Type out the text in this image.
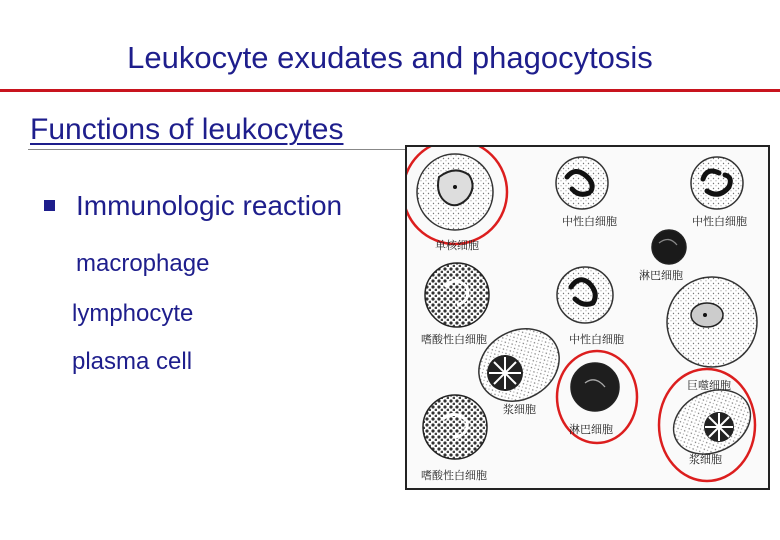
Leukocyte exudates and phagocytosis
Functions of leukocytes
Immunologic reaction
macrophage
lymphocyte
plasma cell
单核细胞
中性白细胞	中性白细胞
淋巴细胞
嗜酸性白细胞	中性白细胞
巨噬细胞
浆细胞
淋巴细胞
嗜酸性白细胞
浆细胞
